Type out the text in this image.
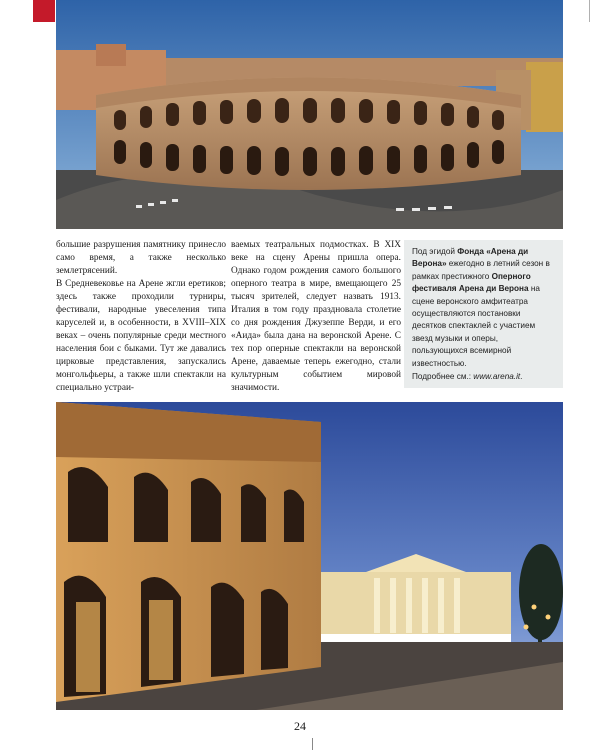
большие разрушения памятнику принесло само время, а также несколько землетрясений.

В Средневековье на Арене жгли еретиков; здесь также проходили турниры, фестивали, народные увеселения типа каруселей и, в особенности, в XVIII–XIX веках – очень популярные среди местного населения бои с быками. Тут же давались цирковые представления, запускались монгольфьеры, а также шли спектакли на специально устраи-

ваемых театральных подмостках. В XIX веке на сцену Арены пришла опера. Однако годом рождения самого большого оперного театра в мире, вмещающего 25 тысяч зрителей, следует назвать 1913. Италия в том году праздновала столетие со дня рождения Джузеппе Верди, и его «Аида» была дана на веронской Арене. С тех пор оперные спектакли на веронской Арене, даваемые теперь ежегодно, стали культурным событием мировой значимости.

Под эгидой Фонда «Арена ди Верона» ежегодно в летний сезон в рамках престижного Оперного фестиваля Арена ди Верона на сцене веронского амфитеатра осуществляются постановки десятков спектаклей с участием звезд музыки и оперы, пользующихся всемирной известностью.

Подробнее см.: www.arena.it.

24
